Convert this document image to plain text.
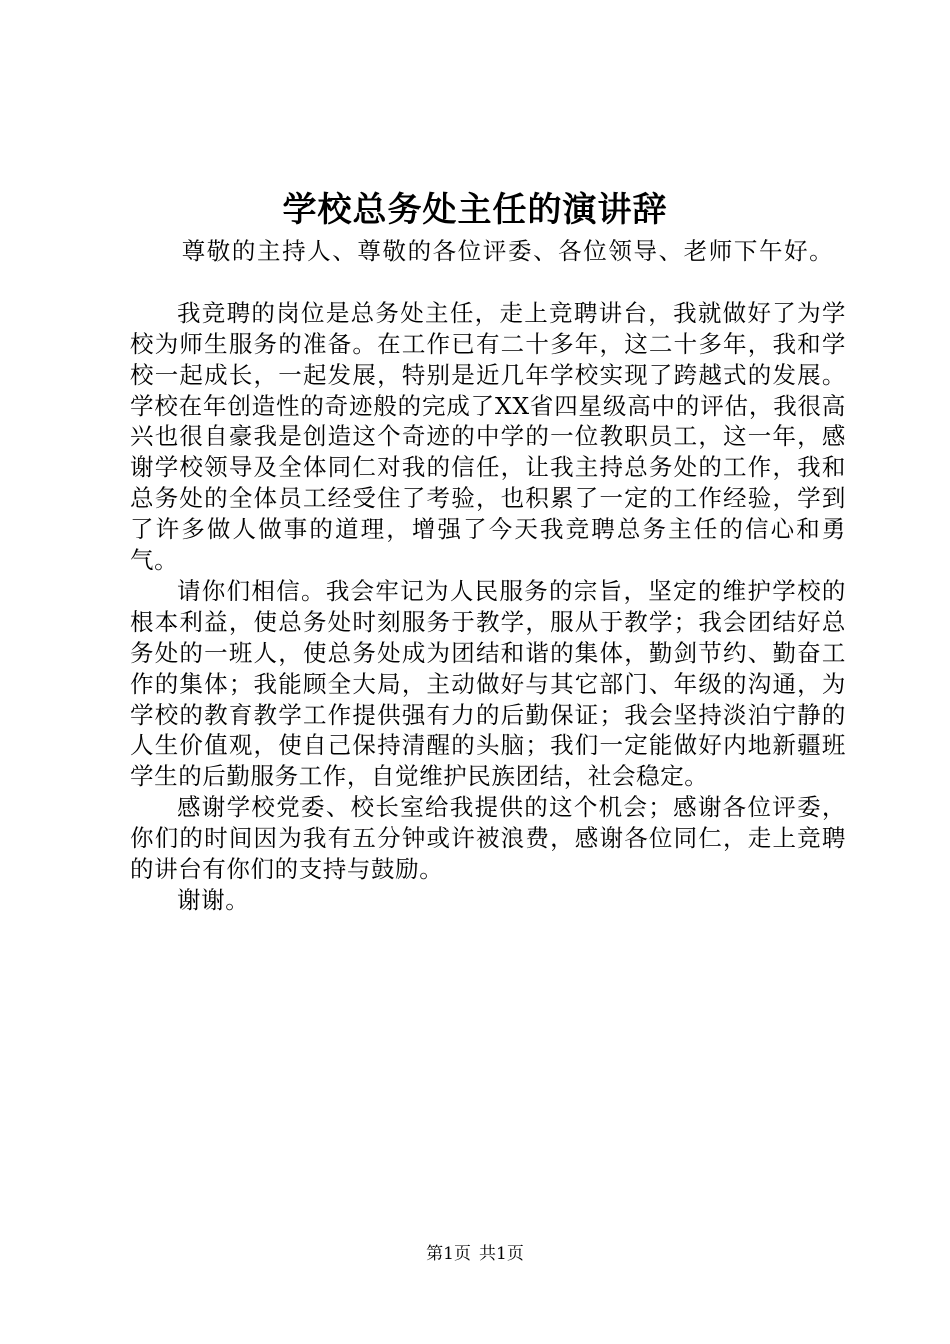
学校总务处主任的演讲辞

尊敬的主持人、尊敬的各位评委、各位领导、老师下午好。

我竞聘的岗位是总务处主任，走上竞聘讲台，我就做好了为学校为师生服务的准备。在工作已有二十多年，这二十多年，我和学校一起成长，一起发展，特别是近几年学校实现了跨越式的发展。学校在年创造性的奇迹般的完成了XX省四星级高中的评估，我很高兴也很自豪我是创造这个奇迹的中学的一位教职员工，这一年，感谢学校领导及全体同仁对我的信任，让我主持总务处的工作，我和总务处的全体员工经受住了考验，也积累了一定的工作经验，学到了许多做人做事的道理，增强了今天我竞聘总务主任的信心和勇气。

请你们相信。我会牢记为人民服务的宗旨，坚定的维护学校的根本利益，使总务处时刻服务于教学，服从于教学；我会团结好总务处的一班人，使总务处成为团结和谐的集体，勤剑节约、勤奋工作的集体；我能顾全大局，主动做好与其它部门、年级的沟通，为学校的教育教学工作提供强有力的后勤保证；我会坚持淡泊宁静的人生价值观，使自己保持清醒的头脑；我们一定能做好内地新疆班学生的后勤服务工作，自觉维护民族团结，社会稳定。

感谢学校党委、校长室给我提供的这个机会；感谢各位评委，你们的时间因为我有五分钟或许被浪费，感谢各位同仁，走上竞聘的讲台有你们的支持与鼓励。

谢谢。

第1页 共1页
